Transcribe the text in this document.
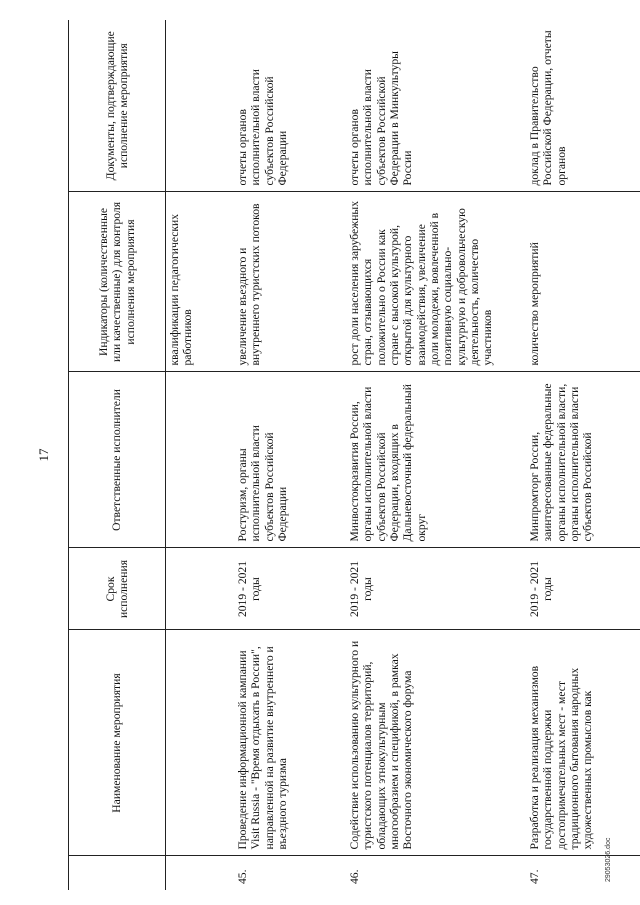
17
	Наименование мероприятия	Срок исполнения	Ответственные исполнители	Индикаторы (количественные или качественные) для контроля исполнения мероприятия	Документы, подтверждающие исполнение мероприятия
				квалификации педагогических работников	
45.	Проведение информационной кампании Visit Russia - "Время отдыхать в России", направленной на развитие внутреннего и въездного туризма	2019 - 2021 годы	Ростуризм, органы исполнительной власти субъектов Российской Федерации	увеличение въездного и внутреннего туристских потоков	отчеты органов исполнительной власти субъектов Российской Федерации
46.	Содействие использованию культурного и туристского потенциалов территорий, обладающих этнокультурным многообразием и спецификой, в рамках Восточного экономического форума	2019 - 2021 годы	Минвостокразвития России, органы исполнительной власти субъектов Российской Федерации, входящих в Дальневосточный федеральный округ	рост доли населения зарубежных стран, отзывающихся положительно о России как стране с высокой культурой, открытой для культурного взаимодействия, увеличение доли молодежи, вовлеченной в позитивную социально-культурную и добровольческую деятельность, количество участников	отчеты органов исполнительной власти субъектов Российской Федерации в Минкультуры России
47.	Разработка и реализация механизмов государственной поддержки достопримечательных мест - мест традиционного бытования народных художественных промыслов как	2019 - 2021 годы	Минпромторг России, заинтересованные федеральные органы исполнительной власти, органы исполнительной власти субъектов Российской	количество мероприятий	доклад в Правительство Российской Федерации, отчеты органов
29053026.doc
